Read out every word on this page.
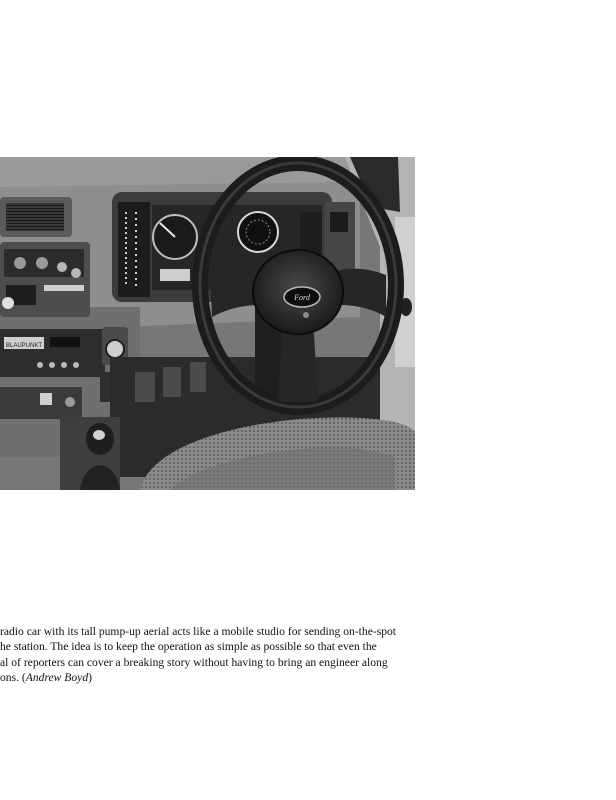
Ford
BLAUPUNKT
radio car with its tall pump-up aerial acts like a mobile studio for sending on-the-spot
he station. The idea is to keep the operation as simple as possible so that even the
al of reporters can cover a breaking story without having to bring an engineer along
ons. (Andrew Boyd)
